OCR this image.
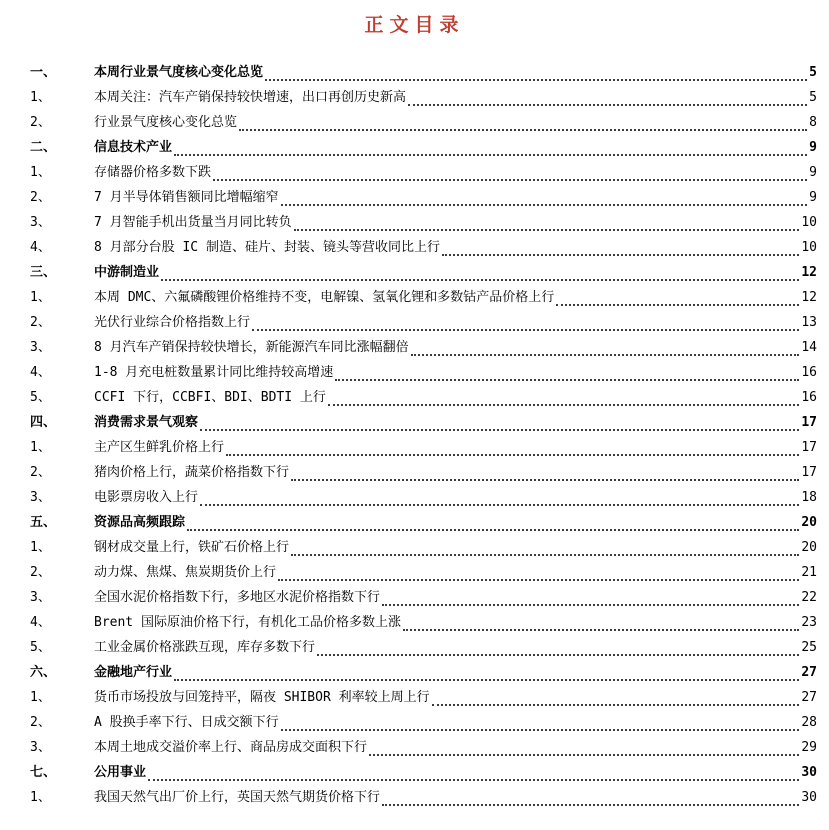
正文目录
一、	本周行业景气度核心变化总览	5
1、	本周关注：汽车产销保持较快增速，出口再创历史新高	5
2、	行业景气度核心变化总览	8
二、	信息技术产业	9
1、	存储器价格多数下跌	9
2、	7 月半导体销售额同比增幅缩窄	9
3、	7 月智能手机出货量当月同比转负	10
4、	8 月部分台股 IC 制造、硅片、封装、镜头等营收同比上行	10
三、	中游制造业	12
1、	本周 DMC、六氟磷酸锂价格维持不变，电解镍、氢氧化锂和多数钴产品价格上行	12
2、	光伏行业综合价格指数上行	13
3、	8 月汽车产销保持较快增长，新能源汽车同比涨幅翻倍	14
4、	1-8 月充电桩数量累计同比维持较高增速	16
5、	CCFI 下行，CCBFI、BDI、BDTI 上行	16
四、	消费需求景气观察	17
1、	主产区生鲜乳价格上行	17
2、	猪肉价格上行，蔬菜价格指数下行	17
3、	电影票房收入上行	18
五、	资源品高频跟踪	20
1、	钢材成交量上行，铁矿石价格上行	20
2、	动力煤、焦煤、焦炭期货价上行	21
3、	全国水泥价格指数下行，多地区水泥价格指数下行	22
4、	Brent 国际原油价格下行，有机化工品价格多数上涨	23
5、	工业金属价格涨跌互现，库存多数下行	25
六、	金融地产行业	27
1、	货币市场投放与回笼持平，隔夜 SHIBOR 利率较上周上行	27
2、	A 股换手率下行、日成交额下行	28
3、	本周土地成交溢价率上行、商品房成交面积下行	29
七、	公用事业	30
1、	我国天然气出厂价上行，英国天然气期货价格下行	30
